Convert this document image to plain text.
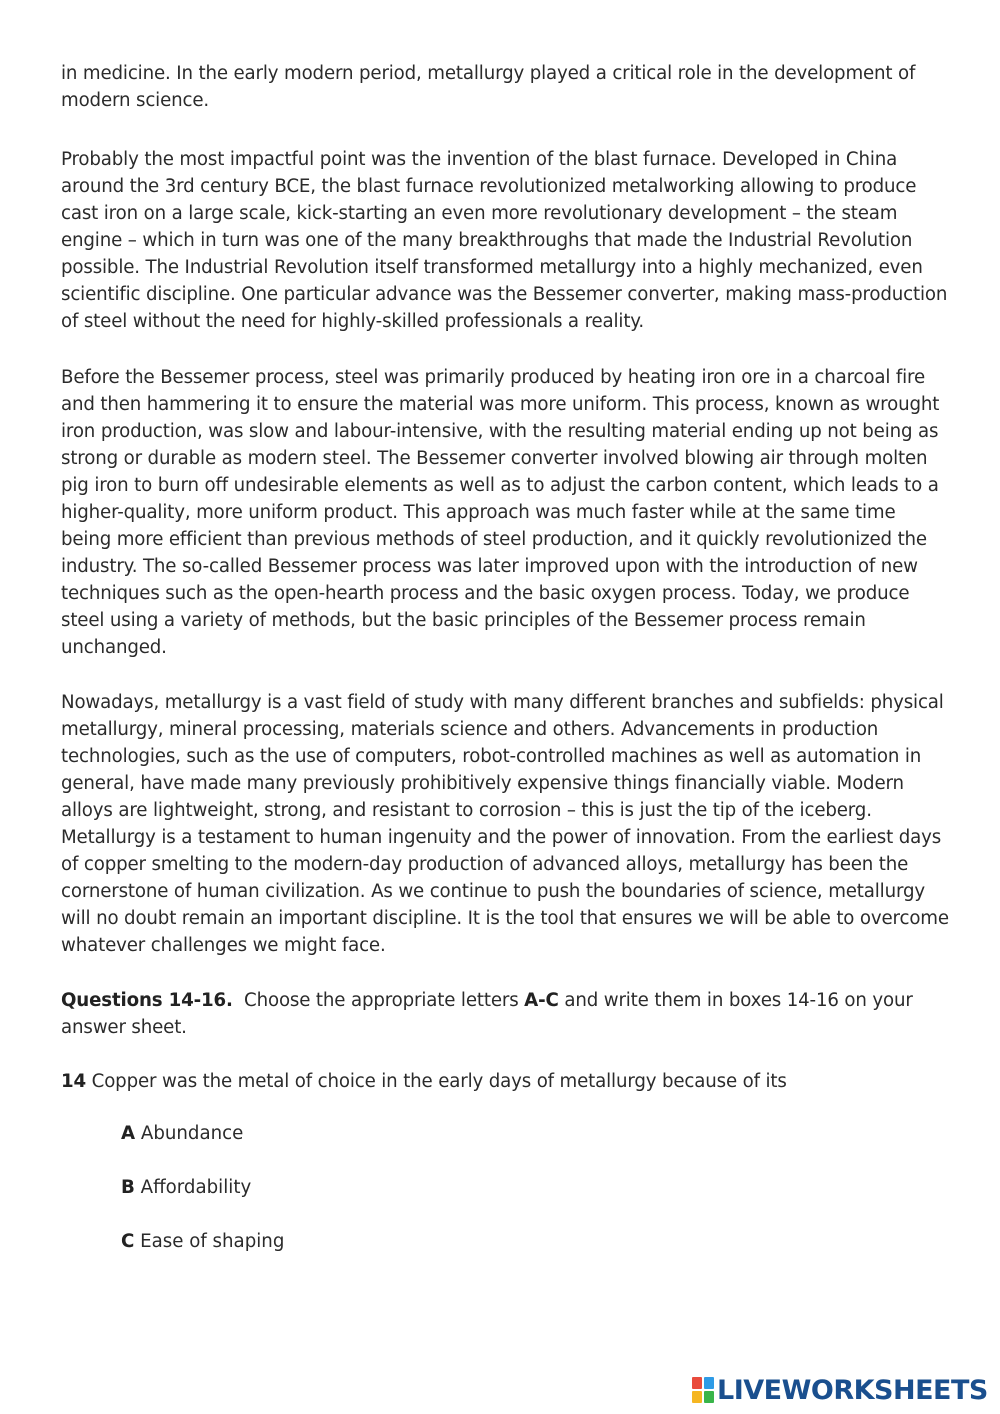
in medicine. In the early modern period, metallurgy played a critical role in the development of modern science.

Probably the most impactful point was the invention of the blast furnace. Developed in China around the 3rd century BCE, the blast furnace revolutionized metalworking allowing to produce cast iron on a large scale, kick-starting an even more revolutionary development – the steam engine – which in turn was one of the many breakthroughs that made the Industrial Revolution possible. The Industrial Revolution itself transformed metallurgy into a highly mechanized, even scientific discipline. One particular advance was the Bessemer converter, making mass-production of steel without the need for highly-skilled professionals a reality.

Before the Bessemer process, steel was primarily produced by heating iron ore in a charcoal fire and then hammering it to ensure the material was more uniform. This process, known as wrought iron production, was slow and labour-intensive, with the resulting material ending up not being as strong or durable as modern steel. The Bessemer converter involved blowing air through molten pig iron to burn off undesirable elements as well as to adjust the carbon content, which leads to a higher-quality, more uniform product. This approach was much faster while at the same time being more efficient than previous methods of steel production, and it quickly revolutionized the industry. The so-called Bessemer process was later improved upon with the introduction of new techniques such as the open-hearth process and the basic oxygen process. Today, we produce steel using a variety of methods, but the basic principles of the Bessemer process remain unchanged.

Nowadays, metallurgy is a vast field of study with many different branches and subfields: physical metallurgy, mineral processing, materials science and others. Advancements in production technologies, such as the use of computers, robot-controlled machines as well as automation in general, have made many previously prohibitively expensive things financially viable. Modern alloys are lightweight, strong, and resistant to corrosion – this is just the tip of the iceberg. Metallurgy is a testament to human ingenuity and the power of innovation. From the earliest days of copper smelting to the modern-day production of advanced alloys, metallurgy has been the cornerstone of human civilization. As we continue to push the boundaries of science, metallurgy will no doubt remain an important discipline. It is the tool that ensures we will be able to overcome whatever challenges we might face.

Questions 14-16. Choose the appropriate letters A-C and write them in boxes 14-16 on your answer sheet.

14 Copper was the metal of choice in the early days of metallurgy because of its

A Abundance
B Affordability
C Ease of shaping
LIVEWORKSHEETS
